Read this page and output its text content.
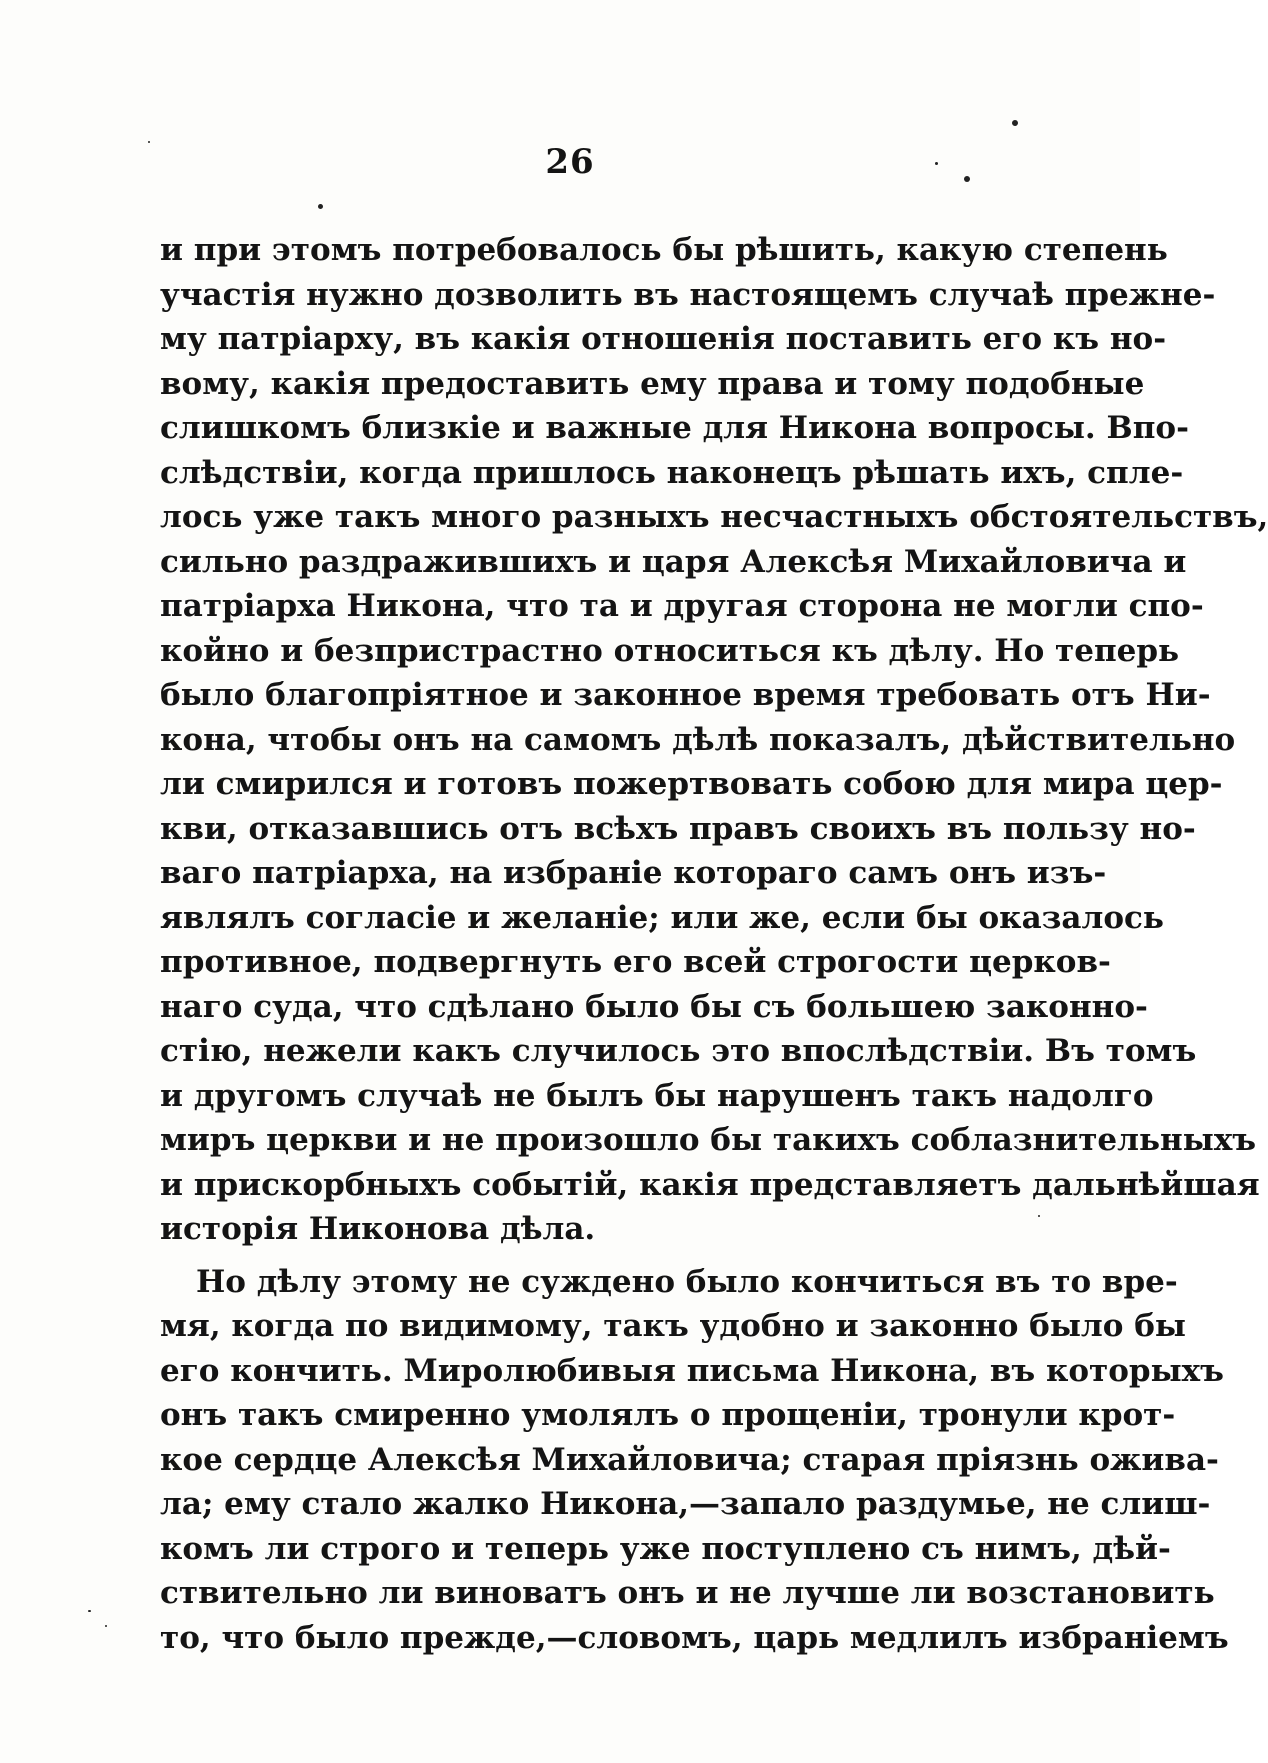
26
и при этомъ потребовалось бы рѣшить, какую степень
участія нужно дозволить въ настоящемъ случаѣ прежне-
му патріарху, въ какія отношенія поставить его къ но-
вому, какія предоставить ему права и тому подобные
слишкомъ близкіе и важные для Никона вопросы. Впо-
слѣдствіи, когда пришлось наконецъ рѣшать ихъ, спле-
лось уже такъ много разныхъ несчастныхъ обстоятельствъ,
сильно раздражившихъ и царя Алексѣя Михайловича и
патріарха Никона, что та и другая сторона не могли спо-
койно и безпристрастно относиться къ дѣлу. Но теперь
было благопріятное и законное время требовать отъ Ни-
кона, чтобы онъ на самомъ дѣлѣ показалъ, дѣйствительно
ли смирился и готовъ пожертвовать собою для мира цер-
кви, отказавшись отъ всѣхъ правъ своихъ въ пользу но-
ваго патріарха, на избраніе котораго самъ онъ изъ-
являлъ согласіе и желаніе; или же, если бы оказалось
противное, подвергнуть его всей строгости церков-
наго суда, что сдѣлано было бы съ большею законно-
стію, нежели какъ случилось это впослѣдствіи. Въ томъ
и другомъ случаѣ не былъ бы нарушенъ такъ надолго
миръ церкви и не произошло бы такихъ соблазнительныхъ
и прискорбныхъ событій, какія представляетъ дальнѣйшая
исторія Никонова дѣла.
Но дѣлу этому не суждено было кончиться въ то вре-
мя, когда по видимому, такъ удобно и законно было бы
его кончить. Миролюбивыя письма Никона, въ которыхъ
онъ такъ смиренно умолялъ о прощеніи, тронули крот-
кое сердце Алексѣя Михайловича; старая пріязнь ожива-
ла; ему стало жалко Никона,—запало раздумье, не слиш-
комъ ли строго и теперь уже поступлено съ нимъ, дѣй-
ствительно ли виноватъ онъ и не лучше ли возстановить
то, что было прежде,—словомъ, царь медлилъ избраніемъ
